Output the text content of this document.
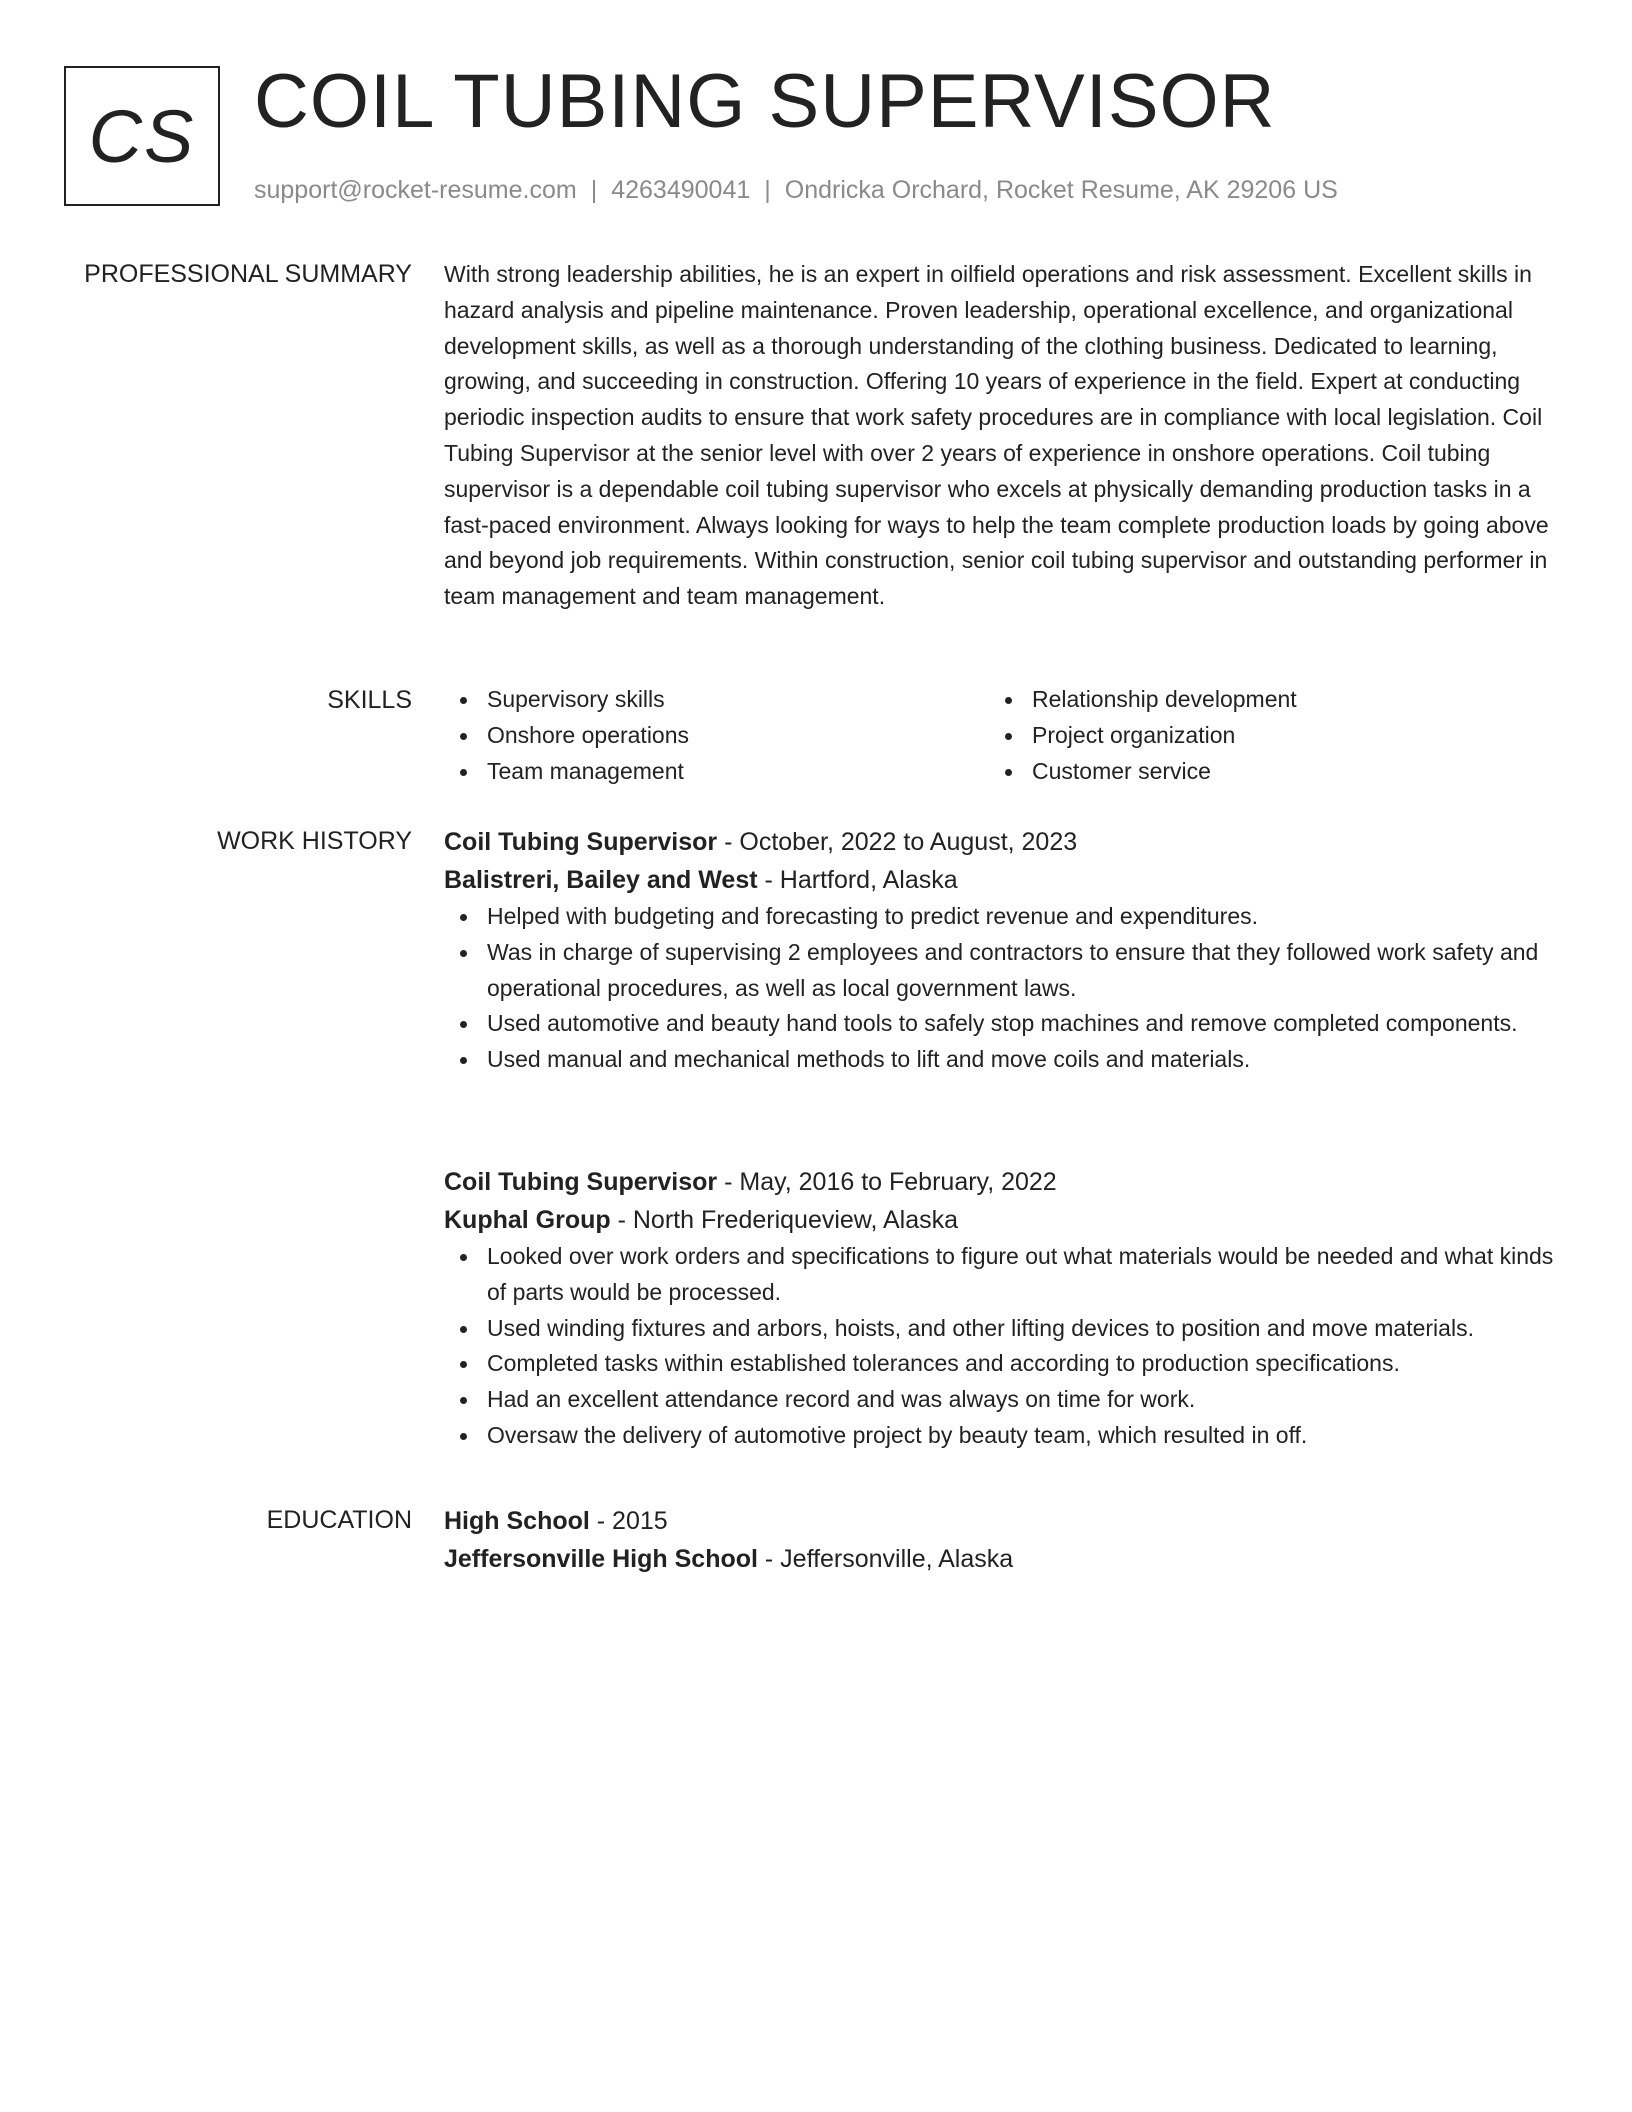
CS COIL TUBING SUPERVISOR
support@rocket-resume.com | 4263490041 | Ondricka Orchard, Rocket Resume, AK 29206 US
PROFESSIONAL SUMMARY With strong leadership abilities, he is an expert in oilfield operations and risk assessment. Excellent skills in hazard analysis and pipeline maintenance. Proven leadership, operational excellence, and organizational development skills, as well as a thorough understanding of the clothing business. Dedicated to learning, growing, and succeeding in construction. Offering 10 years of experience in the field. Expert at conducting periodic inspection audits to ensure that work safety procedures are in compliance with local legislation. Coil Tubing Supervisor at the senior level with over 2 years of experience in onshore operations. Coil tubing supervisor is a dependable coil tubing supervisor who excels at physically demanding production tasks in a fast-paced environment. Always looking for ways to help the team complete production loads by going above and beyond job requirements. Within construction, senior coil tubing supervisor and outstanding performer in team management and team management.

SKILLS	Supervisory skills
Onshore operations
Team management
Relationship development
Project organization
Customer service
WORK HISTORY Coil Tubing Supervisor - October, 2022 to August, 2023
Balistreri, Bailey and West - Hartford, Alaska
Helped with budgeting and forecasting to predict revenue and expenditures.
Was in charge of supervising 2 employees and contractors to ensure that they followed work safety and operational procedures, as well as local government laws.
Used automotive and beauty hand tools to safely stop machines and remove completed components.
Used manual and mechanical methods to lift and move coils and materials.
Coil Tubing Supervisor - May, 2016 to February, 2022
Kuphal Group - North Frederiqueview, Alaska
Looked over work orders and specifications to figure out what materials would be needed and what kinds of parts would be processed.
Used winding fixtures and arbors, hoists, and other lifting devices to position and move materials.
Completed tasks within established tolerances and according to production specifications.
Had an excellent attendance record and was always on time for work.
Oversaw the delivery of automotive project by beauty team, which resulted in off.
EDUCATION High School - 2015
Jeffersonville High School - Jeffersonville, Alaska
